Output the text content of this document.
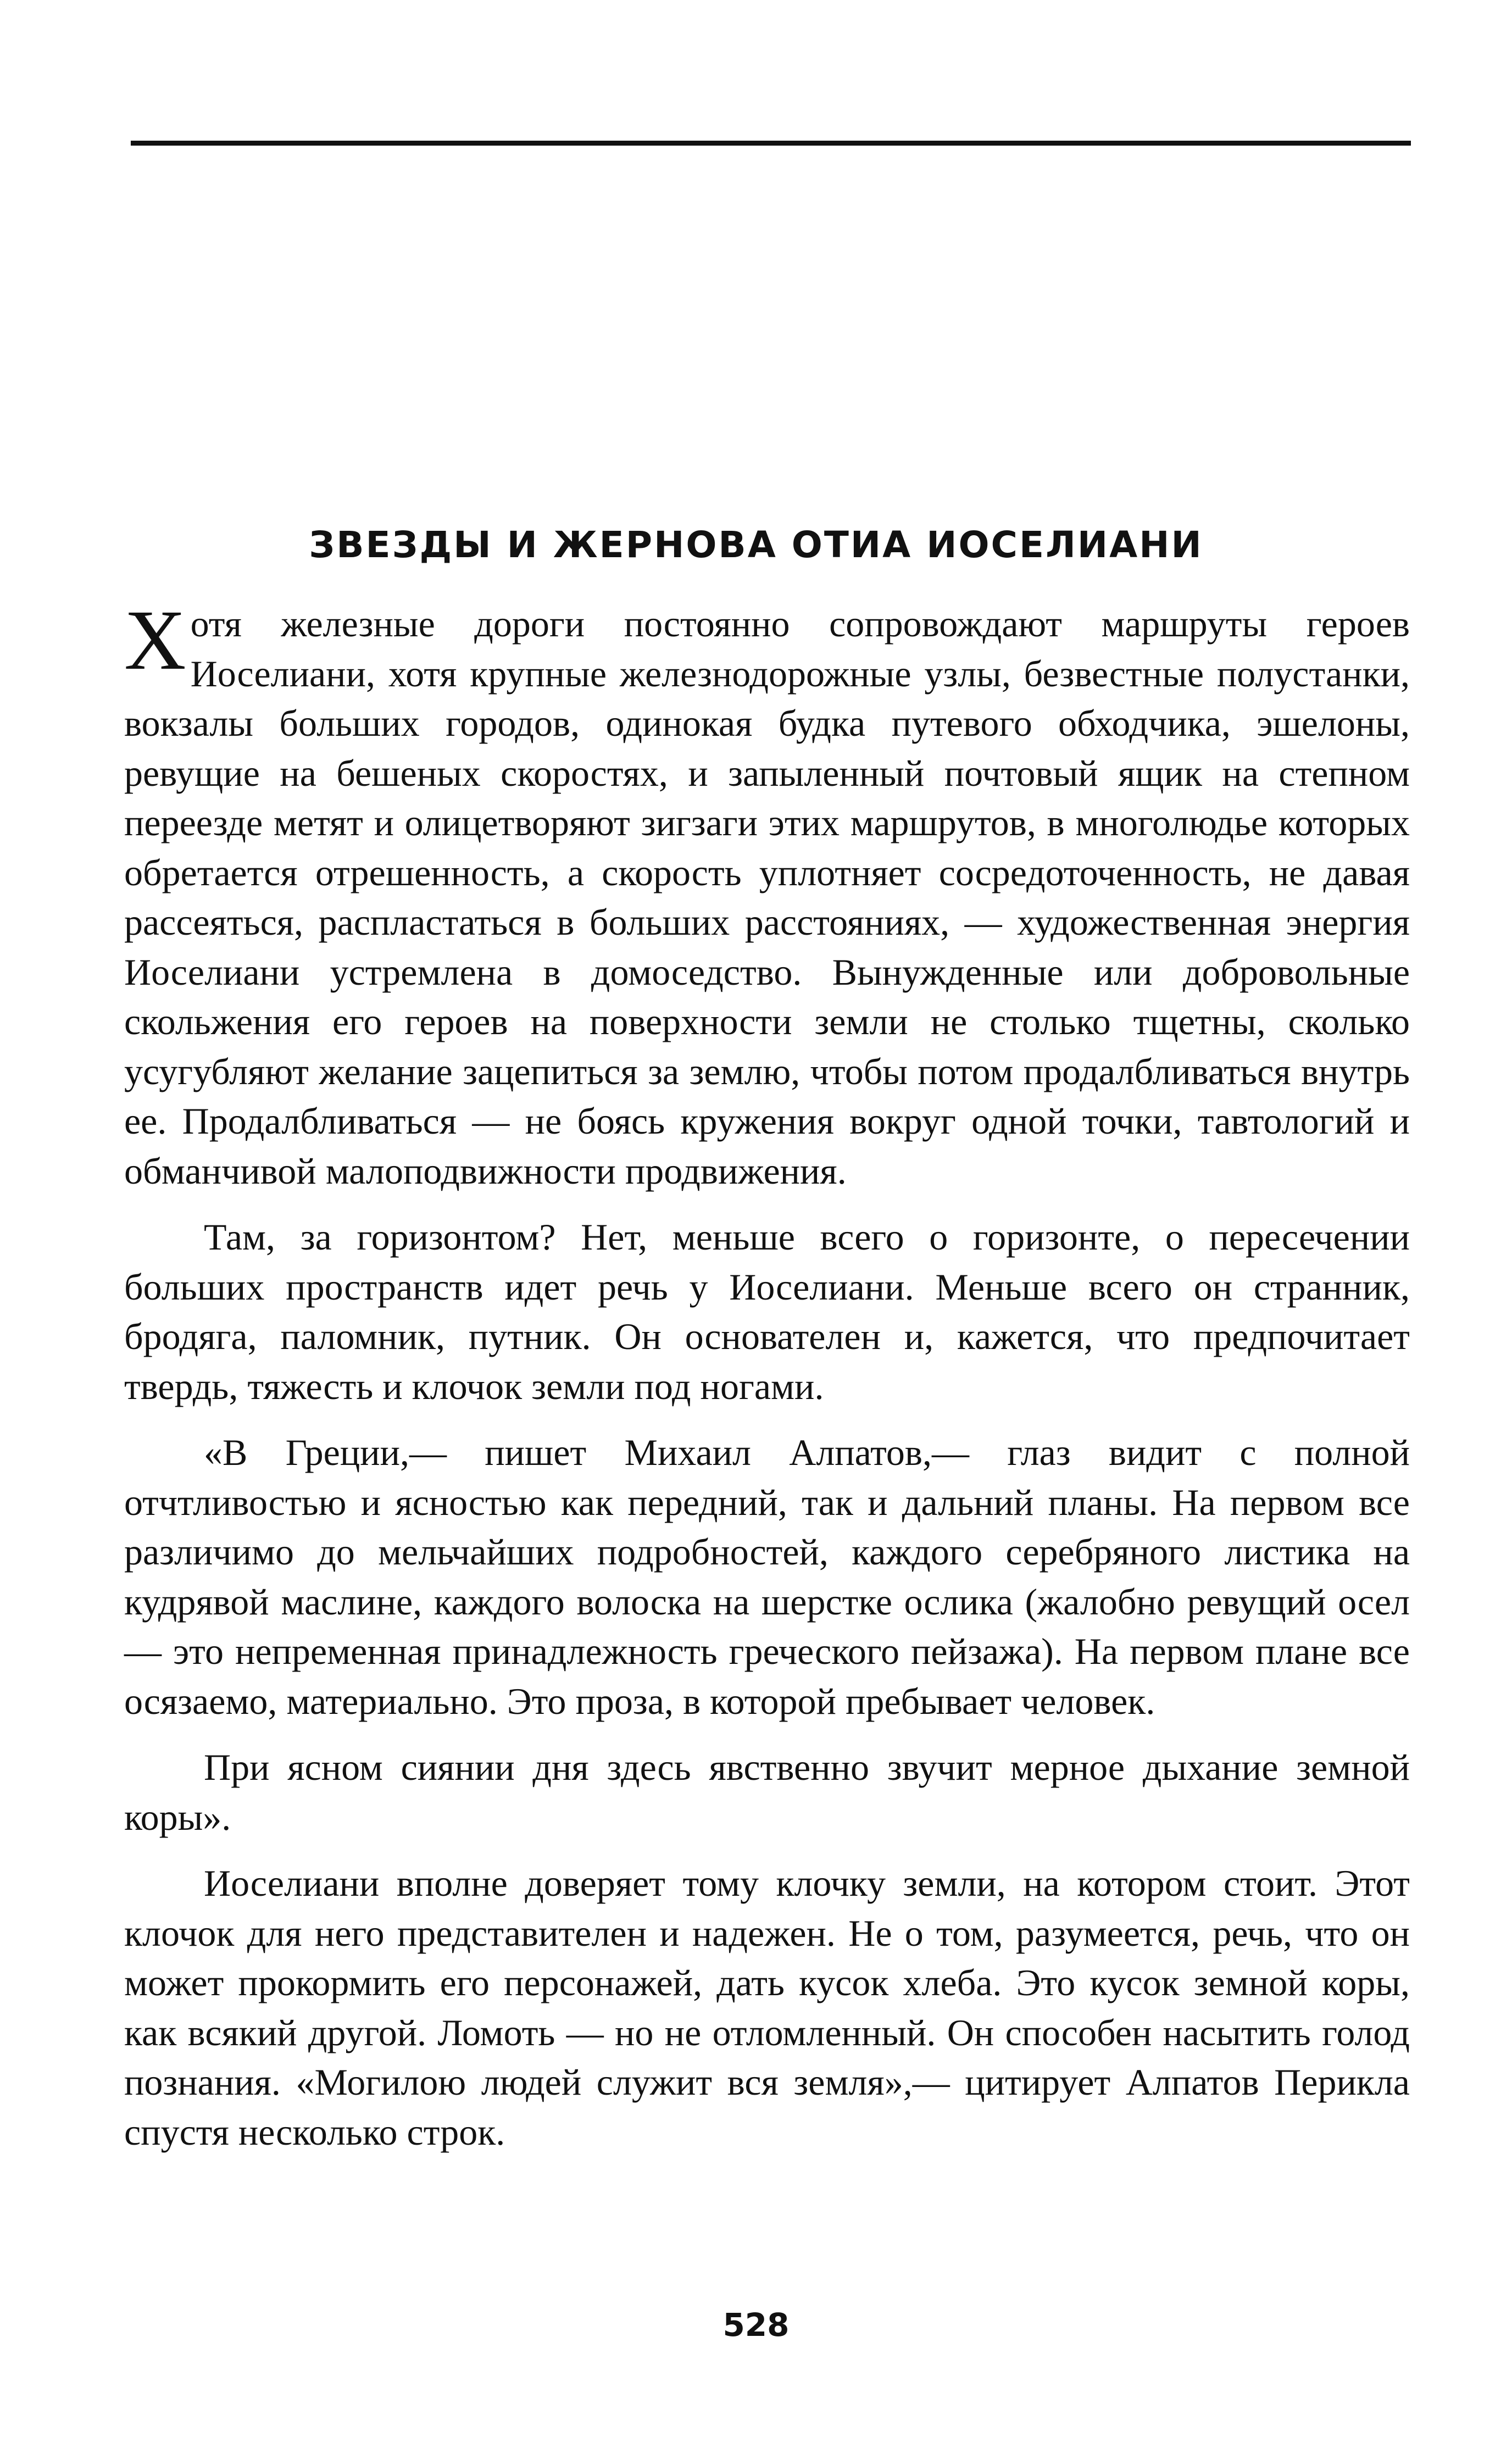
ЗВЕЗДЫ И ЖЕРНОВА ОТИА ИОСЕЛИАНИ

Хотя железные дороги постоянно сопровождают маршруты героев Иоселиани, хотя крупные железнодорожные узлы, безвестные полустанки, вокзалы больших городов, одинокая будка путевого обходчика, эшелоны, ревущие на бешеных скоростях, и запыленный почтовый ящик на степном переезде метят и олицетворяют зигзаги этих маршрутов, в многолюдье которых обретается отрешенность, а скорость уплотняет сосредоточенность, не давая рассеяться, распластаться в больших расстояниях, — художественная энергия Иоселиани устремлена в домоседство. Вынужденные или добровольные скольжения его героев на поверхности земли не столько тщетны, сколько усугубляют желание зацепиться за землю, чтобы потом продалбливаться внутрь ее. Продалбливаться — не боясь кружения вокруг одной точки, тавтологий и обманчивой малоподвижности продвижения.

Там, за горизонтом? Нет, меньше всего о горизонте, о пересечении больших пространств идет речь у Иоселиани. Меньше всего он странник, бродяга, паломник, путник. Он основателен и, кажется, что предпочитает твердь, тяжесть и клочок земли под ногами.

«В Греции,— пишет Михаил Алпатов,— глаз видит с полной отчтливостью и ясностью как передний, так и дальний планы. На первом все различимо до мельчайших подробностей, каждого серебряного листика на кудрявой маслине, каждого волоска на шерстке ослика (жалобно ревущий осел — это непременная принадлежность греческого пейзажа). На первом плане все осязаемо, материально. Это проза, в которой пребывает человек.

При ясном сиянии дня здесь явственно звучит мерное дыхание земной коры».

Иоселиани вполне доверяет тому клочку земли, на котором стоит. Этот клочок для него представителен и надежен. Не о том, разумеется, речь, что он может прокормить его персонажей, дать кусок хлеба. Это кусок земной коры, как всякий другой. Ломоть — но не отломленный. Он способен насытить голод познания. «Могилою людей служит вся земля»,— цитирует Алпатов Перикла спустя несколько строк.

528
